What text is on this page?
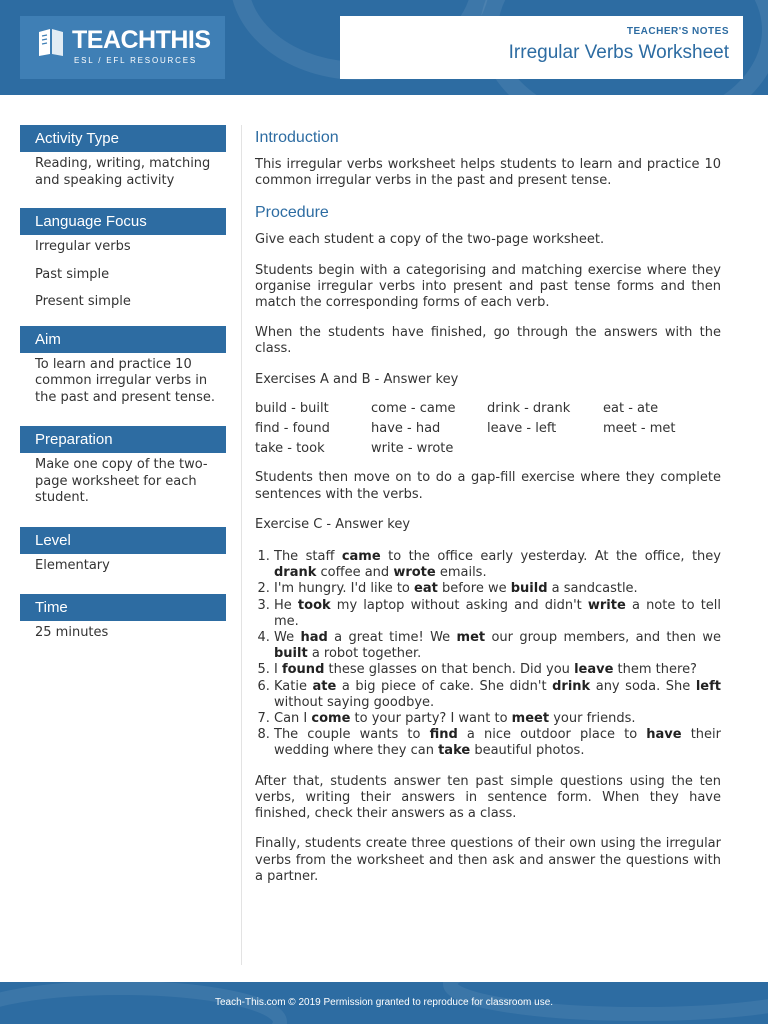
TEACHTHIS
ESL / EFL RESOURCES
TEACHER'S NOTES
Irregular Verbs Worksheet
Activity Type

Reading, writing, matching and speaking activity

Language Focus

Irregular verbs

Past simple

Present simple

Aim

To learn and practice 10 common irregular verbs in the past and present tense.

Preparation

Make one copy of the two-page worksheet for each student.

Level

Elementary

Time

25 minutes

Introduction

This irregular verbs worksheet helps students to learn and practice 10 common irregular verbs in the past and present tense.

Procedure

Give each student a copy of the two-page worksheet.

Students begin with a categorising and matching exercise where they organise irregular verbs into present and past tense forms and then match the corresponding forms of each verb.

When the students have finished, go through the answers with the class.

Exercises A and B - Answer key

build - built	come - came	drink - drank	eat - ate
find - found	have - had	leave - left	meet - met
take - took	write - wrote

Students then move on to do a gap-fill exercise where they complete sentences with the verbs.

Exercise C - Answer key

1. The staff came to the office early yesterday. At the office, they drank coffee and wrote emails.
2. I'm hungry. I'd like to eat before we build a sandcastle.
3. He took my laptop without asking and didn't write a note to tell me.
4. We had a great time! We met our group members, and then we built a robot together.
5. I found these glasses on that bench. Did you leave them there?
6. Katie ate a big piece of cake. She didn't drink any soda. She left without saying goodbye.
7. Can I come to your party? I want to meet your friends.
8. The couple wants to find a nice outdoor place to have their wedding where they can take beautiful photos.

After that, students answer ten past simple questions using the ten verbs, writing their answers in sentence form. When they have finished, check their answers as a class.

Finally, students create three questions of their own using the irregular verbs from the worksheet and then ask and answer the questions with a partner.

Teach-This.com © 2019 Permission granted to reproduce for classroom use.
